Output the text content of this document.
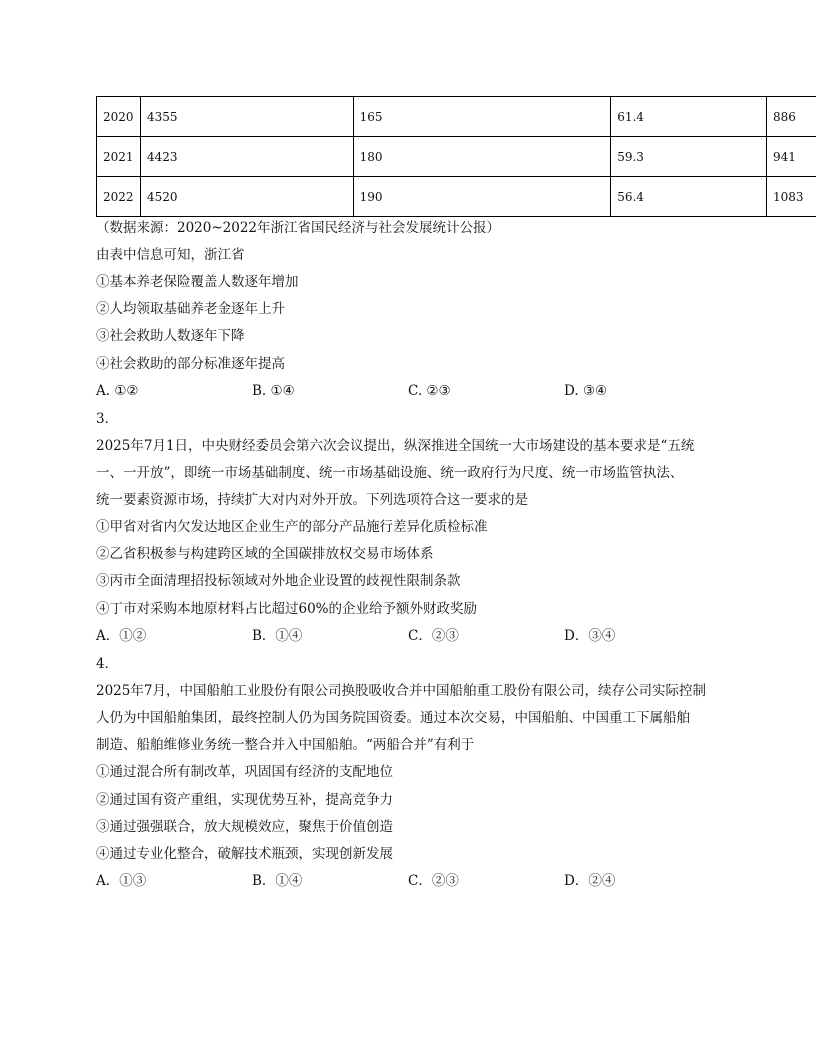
2020	4355	165	61.4	886
2021	4423	180	59.3	941
2022	4520	190	56.4	1083
（数据来源：2020~2022年浙江省国民经济与社会发展统计公报）
由表中信息可知，浙江省
①基本养老保险覆盖人数逐年增加
②人均领取基础养老金逐年上升
③社会救助人数逐年下降
④社会救助的部分标准逐年提高
A. ①②	B. ①④	C. ②③	D. ③④
3．
2025年7月1日，中央财经委员会第六次会议提出，纵深推进全国统一大市场建设的基本要求是“五统
一、一开放”，即统一市场基础制度、统一市场基础设施、统一政府行为尺度、统一市场监管执法、
统一要素资源市场，持续扩大对内对外开放。下列选项符合这一要求的是
①甲省对省内欠发达地区企业生产的部分产品施行差异化质检标准
②乙省积极参与构建跨区域的全国碳排放权交易市场体系
③丙市全面清理招投标领域对外地企业设置的歧视性限制条款
④丁市对采购本地原材料占比超过60%的企业给予额外财政奖励
A．①②	B．①④	C．②③	D．③④
4．
2025年7月，中国船舶工业股份有限公司换股吸收合并中国船舶重工股份有限公司，续存公司实际控制
人仍为中国船舶集团，最终控制人仍为国务院国资委。通过本次交易，中国船舶、中国重工下属船舶
制造、船舶维修业务统一整合并入中国船舶。“两船合并”有利于
①通过混合所有制改革，巩固国有经济的支配地位
②通过国有资产重组，实现优势互补，提高竞争力
③通过强强联合，放大规模效应，聚焦于价值创造
④通过专业化整合，破解技术瓶颈，实现创新发展
A．①③	B．①④	C．②③	D．②④
